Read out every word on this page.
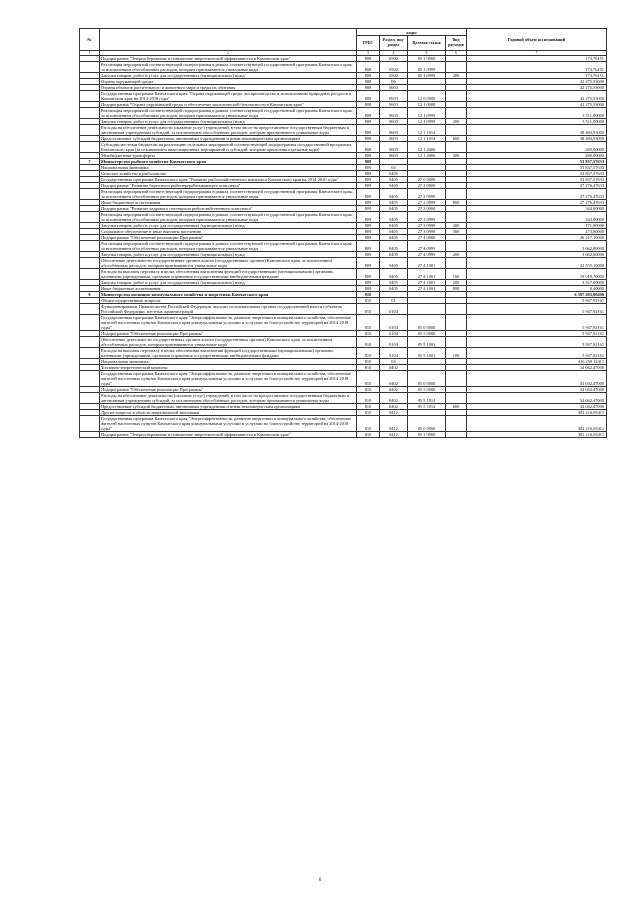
№		коды				Годовой объем ассигнований
		ГРБС	Раздел, под-раздел	Целевая статья	Вид расходов	
1	2	3	4	5	6	7
	Подпрограмма "Энергосбережение и повышение энергетической эффективности в Камчатском крае"	808	0502	05 1 0000		173,76151
	Реализация мероприятий соответствующей подпрограммы в рамках соответствующей государственной программы Камчатского края, за исключением обособленных расходов, которым присваиваются уникальные коды	808	0502	05 1 0999		173,76151
	Закупка товаров, работ и услуг для государственных (муниципальных) нужд	808	0502	05 1 0999	200	173,76151
	Охрана окружающей среды	808	06			42 275,53000
	Охрана объектов растительного и животного мира и среды их обитания	808	0603			42 275,53000
	Государственная программа Камчатского края "Охрана окружающей среды, воспроизводство и использование природных ресурсов в Камчатском крае на 2014-2018 годы"	808	0603	12 0 0000		42 275,53000
	Подпрограмма "Охрана окружающей среды и обеспечение экологической безопасности в Камчатском крае"	808	0603	12 1 0000		42 275,53000
	Реализация мероприятий соответствующей подпрограммы в рамках соответствующей государственной программы Камчатского края, за исключением обособленных расходов, которым присваиваются уникальные коды	808	0603	12 1 0999		3 511,00000
	Закупка товаров, работ и услуг для государственных (муниципальных) нужд	808	0603	12 1 0999	200	3 511,00000
	Расходы на обеспечение деятельности (оказание услуг) учреждений, в том числе на предоставление государственным бюджетным и автономным учреждениям субсидий, за исключением обособленных расходов, которым присваиваются уникальные коды	808	0603	12 1 1014		38 484,53000
	Предоставление субсидий бюджетным, автономным учреждениям и иным некоммерческим организациям	808	0603	12 1 1014	600	38 484,53000
	Субсидии местным бюджетам на реализацию отдельных мероприятий соответствующей подпрограммы государственной программы Камчатского края (за исключением инвестиционных мероприятий и субсидий, которым присвоены отдельные коды)	808	0603	12 1 4006		280,00000
	Межбюджетные трансферты	808	0603	12 1 4006	500	280,00000
7	Министерство рыбного хозяйства Камчатского края	809				53 837,57633
	Национальная экономика	809	04			53 837,57633
	Сельское хозяйство и рыболовство	809	0405			53 837,57633
	Государственная программа Камчатского края "Развитие рыбохозяйственного комплекса Камчатского края на 2014-2020 годы"	809	0405	27 0 0000		53 837,57633
	Подпрограмма "Развитие берегового рыбоперерабатывающего комплекса"	809	0405	27 2 0000		27 276,47633
	Реализация мероприятий соответствующей подпрограммы в рамках соответствующей государственной программы Камчатского края, за исключением обособленных расходов, которым присваиваются уникальные коды	809	0405	27 2 0999		27 276,47633
	Иные бюджетные ассигнования	809	0405	27 2 0999	800	27 276,47633
	Подпрограмма "Развитие кадрового потенциала рыбохозяйственного комплекса"	809	0405	27 3 0000		344,00000
	Реализация мероприятий соответствующей подпрограммы в рамках соответствующей государственной программы Камчатского края, за исключением обособленных расходов, которым присваиваются уникальные коды	809	0405	27 3 0999		344,00000
	Закупка товаров, работ и услуг для государственных (муниципальных) нужд	809	0405	27 3 0999	200	171,00000
	Социальное обеспечение и иные выплаты населению	809	0405	27 3 0999	300	173,00000
	Подпрограмма "Обеспечение реализации Программы"	809	0405	27 4 0000		26 217,10000
	Реализация мероприятий соответствующей подпрограммы в рамках соответствующей государственной программы Камчатского края, за исключением обособленных расходов, которым присваиваются уникальные коды	809	0405	27 4 0999		3 662,00000
	Закупка товаров, работ и услуг для государственных (муниципальных) нужд	809	0405	27 4 0999	200	3 662,00000
	Обеспечение деятельности государственных органов власти (государственных органов) Камчатского края, за исключением обособленных расходов, которым присваиваются уникальные коды	809	0405	27 4 1001		22 555,10000
	Расходы на выплаты персоналу в целях обеспечения выполнения функций государственными (муниципальными) органами, казенными учреждениями, органами управления государственными внебюджетными фондами	809	0405	27 4 1001	100	19 019,70000
	Закупка товаров, работ и услуг для государственных (муниципальных) нужд	809	0405	27 4 1001	200	3 527,00000
	Иные бюджетные ассигнования	809	0405	27 4 1001	800	8,40000
8	Министерство жилищно-коммунального хозяйства и энергетики Камчатского края	810				6 397 203,00496
	Общегосударственные вопросы	810	01			5 947,92161
	Функционирование Правительства Российской Федерации, высших исполнительных органов государственной власти субъектов Российской Федерации, местных администраций	810	0104			5 947,92161
	Государственная программа Камчатского края "Энергоэффективность, развитие энергетики и коммунального хозяйства, обеспечение жителей населенных пунктов Камчатского края коммунальными услугами и услугами по благоустройству территорий на 2014-2018 годы"	810	0104	05 0 0000		5 947,92161
	Подпрограмма "Обеспечение реализации Программы"	810	0104	05 5 0000		5 947,92161
	Обеспечение деятельности государственных органов власти (государственных органов) Камчатского края, за исключением обособленных расходов, которым присваиваются уникальные коды	810	0104	05 5 1001		5 947,92161
	Расходы на выплаты персоналу в целях обеспечения выполнения функций государственными (муниципальными) органами, казенными учреждениями, органами управления государственными внебюджетными фондами	810	0104	05 5 1001	100	5 947,92161
	Национальная экономика	810	04			416 259,12411
	Топливно-энергетический комплекс	810	0402			34 042,47000
	Государственная программа Камчатского края "Энергоэффективность, развитие энергетики и коммунального хозяйства, обеспечение жителей населенных пунктов Камчатского края коммунальными услугами и услугами по благоустройству территорий на 2014-2018 годы"	810	0402	05 0 0000		34 042,47000
	Подпрограмма "Обеспечение реализации Программы"	810	0402	05 5 0000		34 042,47000
	Расходы на обеспечение деятельности (оказание услуг) учреждений, в том числе на предоставление государственным бюджетным и автономным учреждениям субсидий, за исключением обособленных расходов, которым присваиваются уникальные коды	810	0402	05 5 1014		34 042,47000
	Предоставление субсидий бюджетным, автономным учреждениям и иным некоммерческим организациям	810	0402	05 5 1014	600	34 042,47000
	Другие вопросы в области национальной экономики	810	0412			382 216,65411
	Государственная программа Камчатского края "Энергоэффективность, развитие энергетики и коммунального хозяйства, обеспечение жителей населенных пунктов Камчатского края коммунальными услугами и услугами по благоустройству территорий на 2014-2018 годы"	810	0412	05 0 0000		382 216,65411
	Подпрограмма "Энергосбережение и повышение энергетической эффективности в Камчатском крае"	810	0412	05 1 0000		382 216,65411
6
